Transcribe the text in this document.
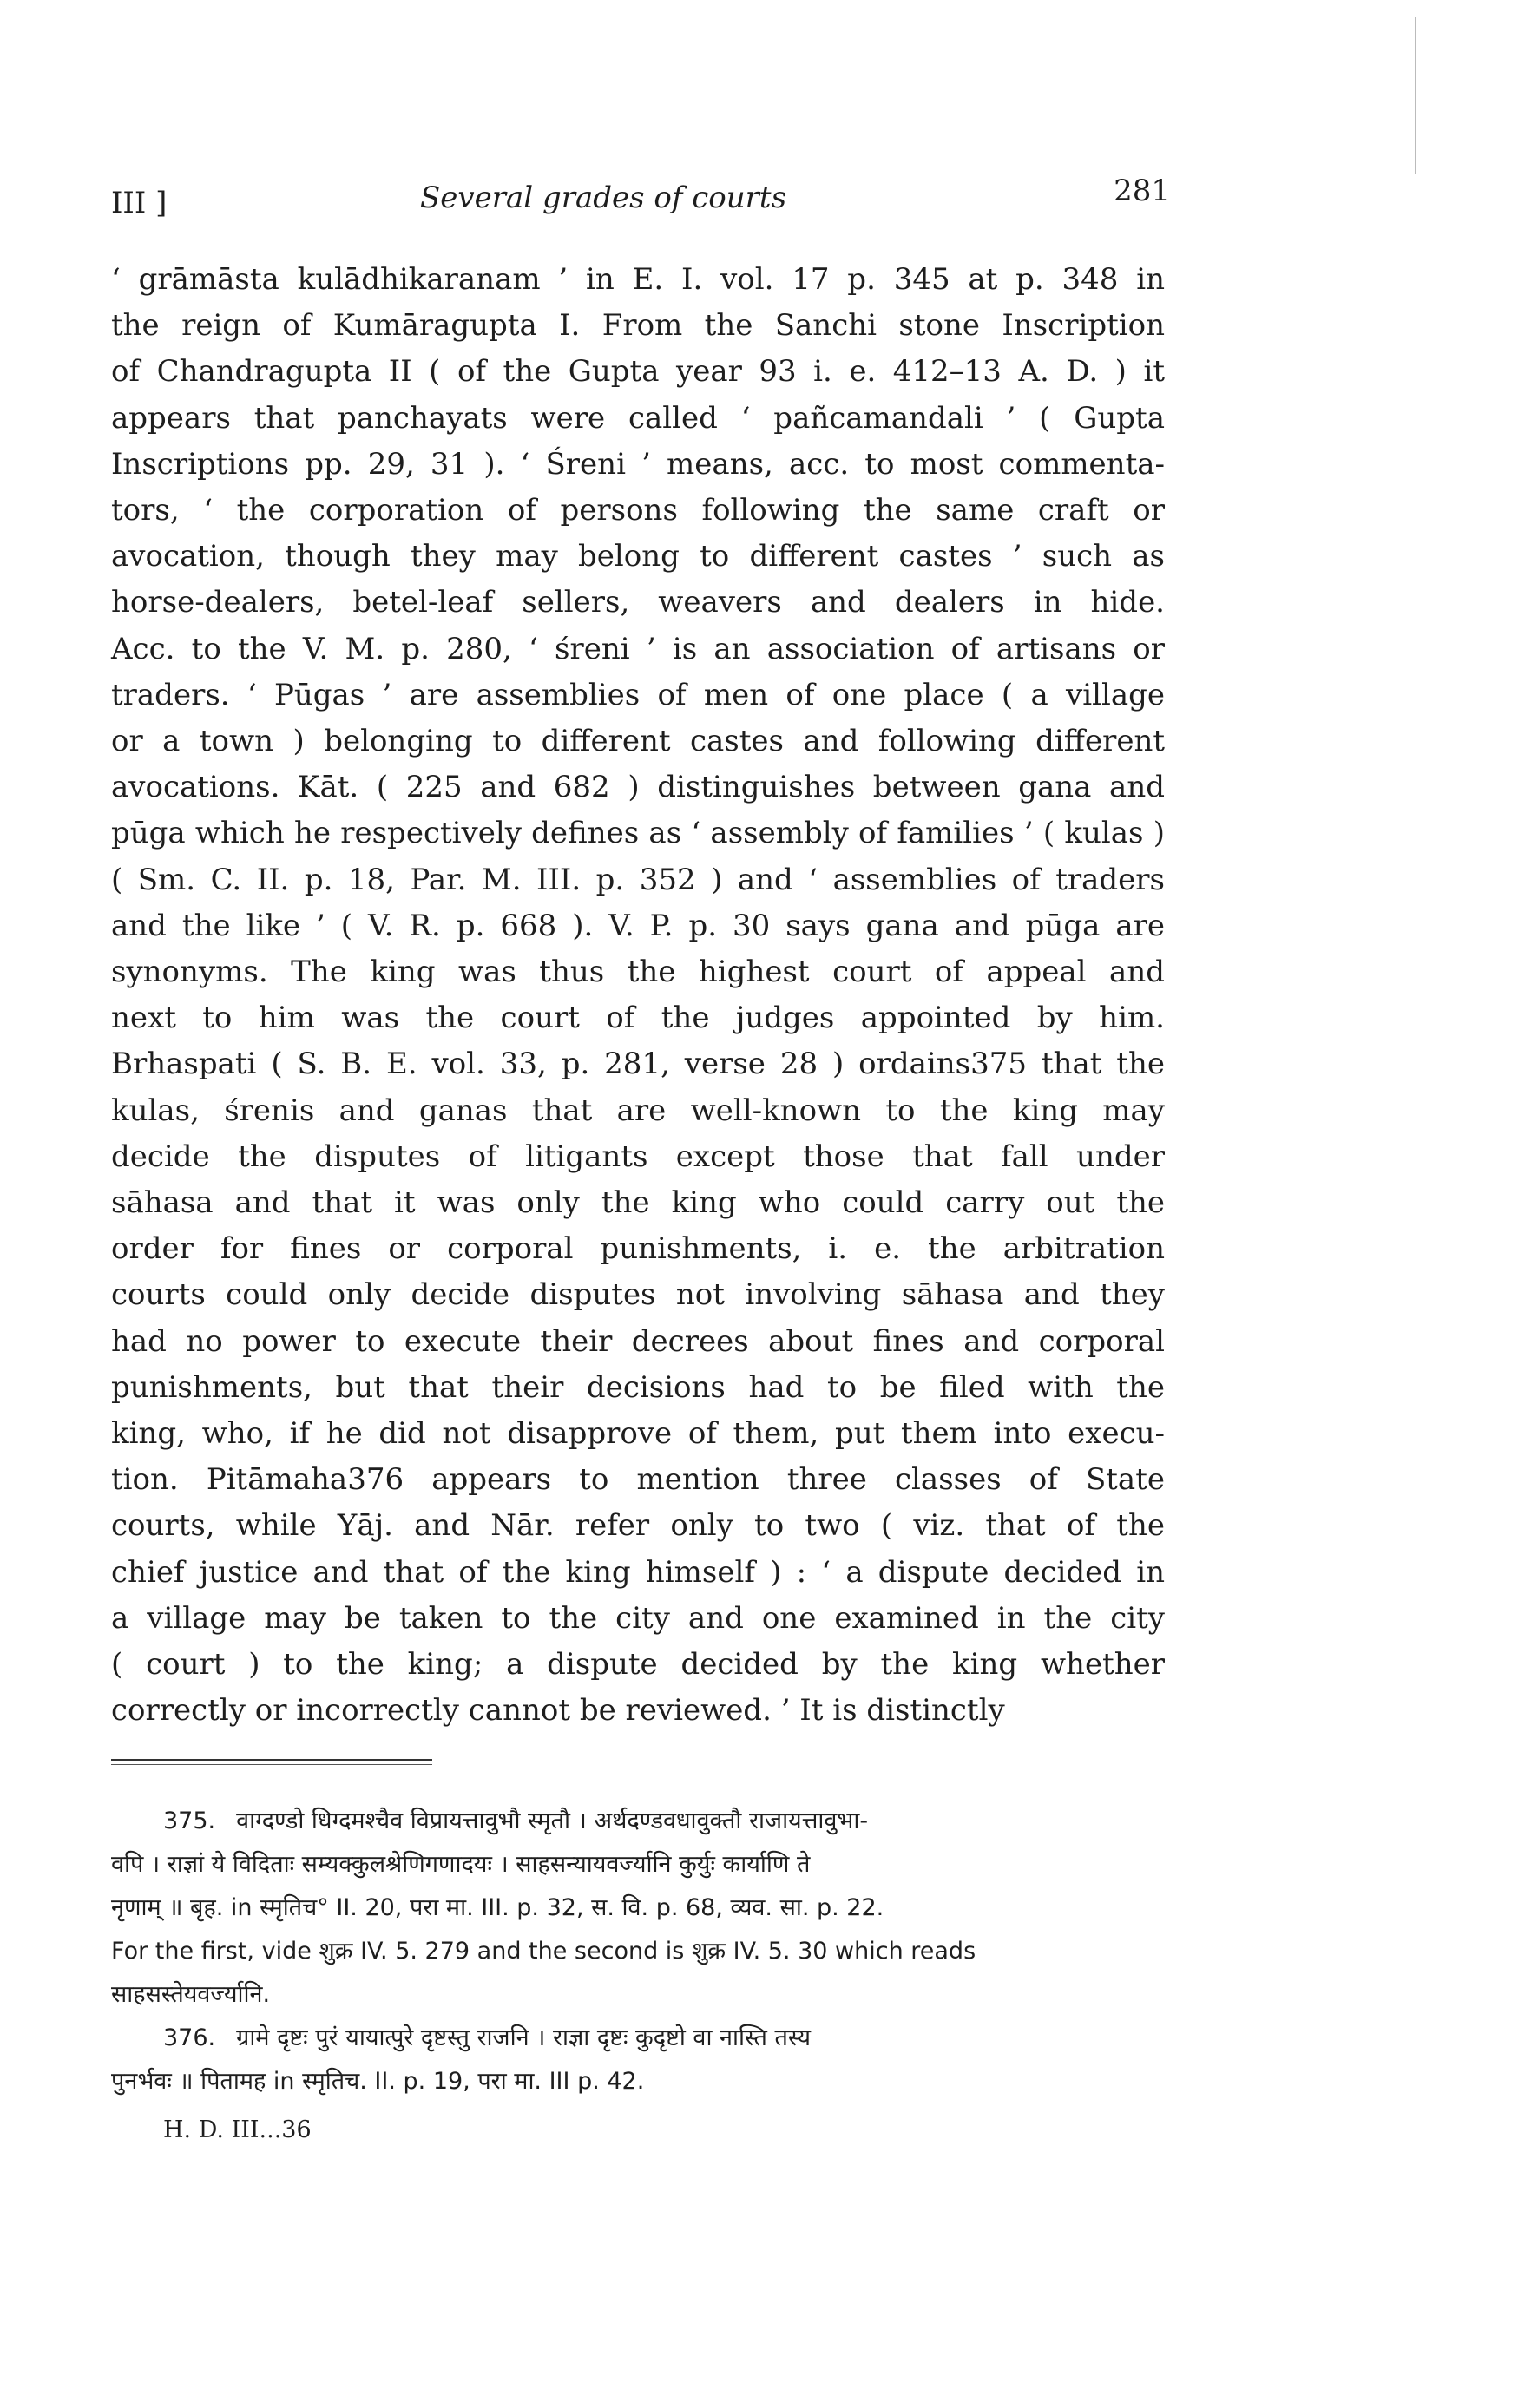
III ]	Several grades of courts	281
‘ grāmāsta kulādhikaranam ’ in E. I. vol. 17 p. 345 at p. 348 in
the reign of Kumāragupta I. From the Sanchi stone Inscription
of Chandragupta II ( of the Gupta year 93 i. e. 412–13 A. D. ) it
appears that panchayats were called ‘ pañcamandali ’ ( Gupta
Inscriptions pp. 29, 31 ). ‘ Śreni ’ means, acc. to most commenta-
tors, ‘ the corporation of persons following the same craft or
avocation, though they may belong to different castes ’ such as
horse-dealers, betel-leaf sellers, weavers and dealers in hide.
Acc. to the V. M. p. 280, ‘ śreni ’ is an association of artisans or
traders. ‘ Pūgas ’ are assemblies of men of one place ( a village
or a town ) belonging to different castes and following different
avocations. Kāt. ( 225 and 682 ) distinguishes between gana and
pūga which he respectively defines as ‘ assembly of families ’ ( kulas )
( Sm. C. II. p. 18, Par. M. III. p. 352 ) and ‘ assemblies of traders
and the like ’ ( V. R. p. 668 ). V. P. p. 30 says gana and pūga are
synonyms. The king was thus the highest court of appeal and
next to him was the court of the judges appointed by him.
Brhaspati ( S. B. E. vol. 33, p. 281, verse 28 ) ordains375 that the
kulas, śrenis and ganas that are well-known to the king may
decide the disputes of litigants except those that fall under
sāhasa and that it was only the king who could carry out the
order for fines or corporal punishments, i. e. the arbitration
courts could only decide disputes not involving sāhasa and they
had no power to execute their decrees about fines and corporal
punishments, but that their decisions had to be filed with the
king, who, if he did not disapprove of them, put them into execu-
tion. Pitāmaha376 appears to mention three classes of State
courts, while Yāj. and Nār. refer only to two ( viz. that of the
chief justice and that of the king himself ) : ‘ a dispute decided in
a village may be taken to the city and one examined in the city
( court ) to the king; a dispute decided by the king whether
correctly or incorrectly cannot be reviewed. ’ It is distinctly
375. वाग्दण्डो धिग्दमश्चैव विप्रायत्तावुभौ स्मृतौ । अर्थदण्डवधावुक्तौ राजायत्तावुभा-
वपि । राज्ञां ये विदिताः सम्यक्कुलश्रेणिगणादयः । साहसन्यायवर्ज्यानि कुर्युः कार्याणि ते
नृणाम् ॥ बृह. in स्मृतिच° II. 20, परा मा. III. p. 32, स. वि. p. 68, व्यव. सा. p. 22.
For the first, vide शुक्र IV. 5. 279 and the second is शुक्र IV. 5. 30 which reads
साहसस्तेयवर्ज्यानि.
376. ग्रामे दृष्टः पुरं यायात्पुरे दृष्टस्तु राजनि । राज्ञा दृष्टः कुदृष्टो वा नास्ति तस्य
पुनर्भवः ॥ पितामह in स्मृतिच. II. p. 19, परा मा. III p. 42.
H. D. III...36
